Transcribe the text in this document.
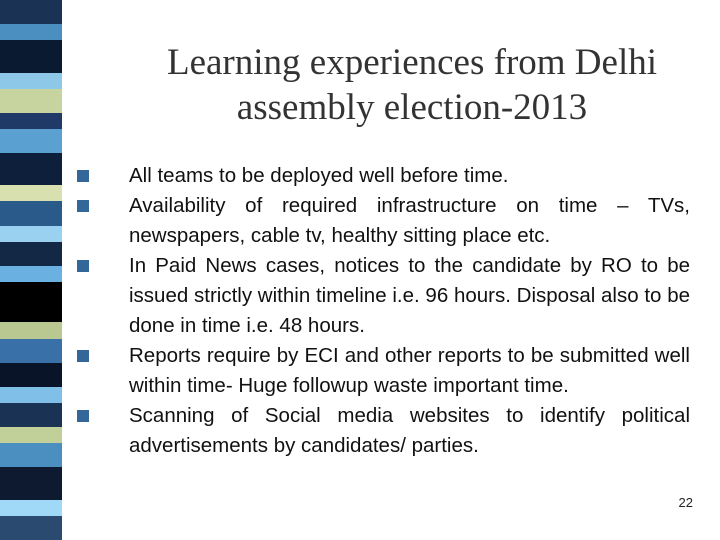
Learning experiences from Delhi
assembly election-2013
All teams to be deployed well before time.
Availability of required infrastructure on time – TVs, newspapers, cable tv, healthy sitting place etc.
In Paid News cases, notices to the candidate by RO to be issued strictly within timeline i.e. 96 hours. Disposal also to be done in time i.e. 48 hours.
Reports require by ECI and other reports to be submitted well within time- Huge followup waste important time.
Scanning of Social media websites to identify political advertisements by candidates/ parties.
22
